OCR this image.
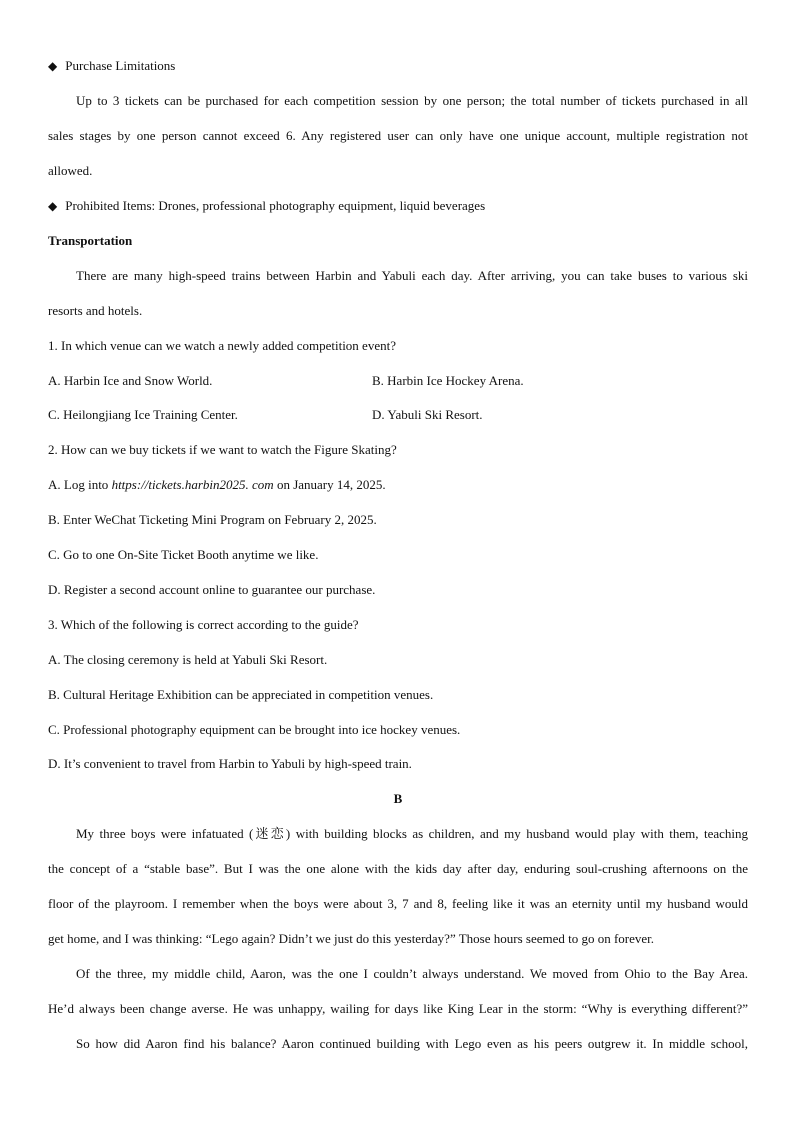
◆ Purchase Limitations
Up to 3 tickets can be purchased for each competition session by one person; the total number of tickets purchased in all
sales stages by one person cannot exceed 6. Any registered user can only have one unique account, multiple registration not
allowed.
◆ Prohibited Items: Drones, professional photography equipment, liquid beverages
Transportation
There are many high-speed trains between Harbin and Yabuli each day. After arriving, you can take buses to various ski
resorts and hotels.
1. In which venue can we watch a newly added competition event?
A. Harbin Ice and Snow World.	B. Harbin Ice Hockey Arena.
C. Heilongjiang Ice Training Center.	D. Yabuli Ski Resort.
2. How can we buy tickets if we want to watch the Figure Skating?
A. Log into https://tickets.harbin2025. com on January 14, 2025.
B. Enter WeChat Ticketing Mini Program on February 2, 2025.
C. Go to one On-Site Ticket Booth anytime we like.
D. Register a second account online to guarantee our purchase.
3. Which of the following is correct according to the guide?
A. The closing ceremony is held at Yabuli Ski Resort.
B. Cultural Heritage Exhibition can be appreciated in competition venues.
C. Professional photography equipment can be brought into ice hockey venues.
D. It’s convenient to travel from Harbin to Yabuli by high-speed train.
B
My three boys were infatuated (迷恋) with building blocks as children, and my husband would play with them, teaching
the concept of a “stable base”. But I was the one alone with the kids day after day, enduring soul-crushing afternoons on the
floor of the playroom. I remember when the boys were about 3, 7 and 8, feeling like it was an eternity until my husband would
get home, and I was thinking: “Lego again? Didn’t we just do this yesterday?” Those hours seemed to go on forever.
Of the three, my middle child, Aaron, was the one I couldn’t always understand. We moved from Ohio to the Bay Area.
He’d always been change averse. He was unhappy, wailing for days like King Lear in the storm: “Why is everything different?”
So how did Aaron find his balance? Aaron continued building with Lego even as his peers outgrew it. In middle school,
